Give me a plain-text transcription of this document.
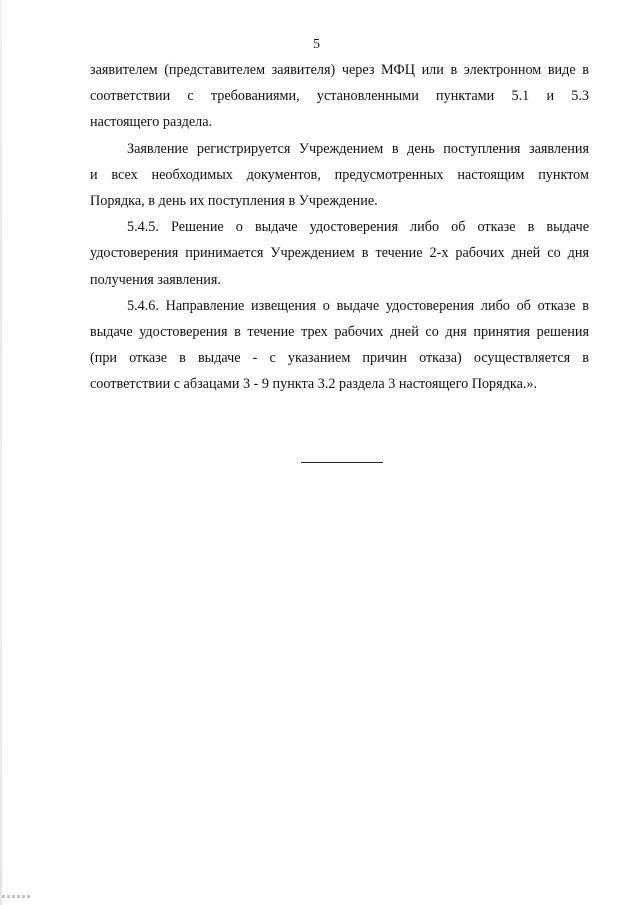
5

заявителем (представителем заявителя) через МФЦ или в электронном виде в
соответствии с требованиями, установленными пунктами 5.1 и 5.3
настоящего раздела.

Заявление регистрируется Учреждением в день поступления заявления
и всех необходимых документов, предусмотренных настоящим пунктом
Порядка, в день их поступления в Учреждение.

5.4.5. Решение о выдаче удостоверения либо об отказе в выдаче
удостоверения принимается Учреждением в течение 2-х рабочих дней со дня
получения заявления.

5.4.6. Направление извещения о выдаче удостоверения либо об отказе в
выдаче удостоверения в течение трех рабочих дней со дня принятия решения
(при отказе в выдаче - с указанием причин отказа) осуществляется в
соответствии с абзацами 3 - 9 пункта 3.2 раздела 3 настоящего Порядка.».
